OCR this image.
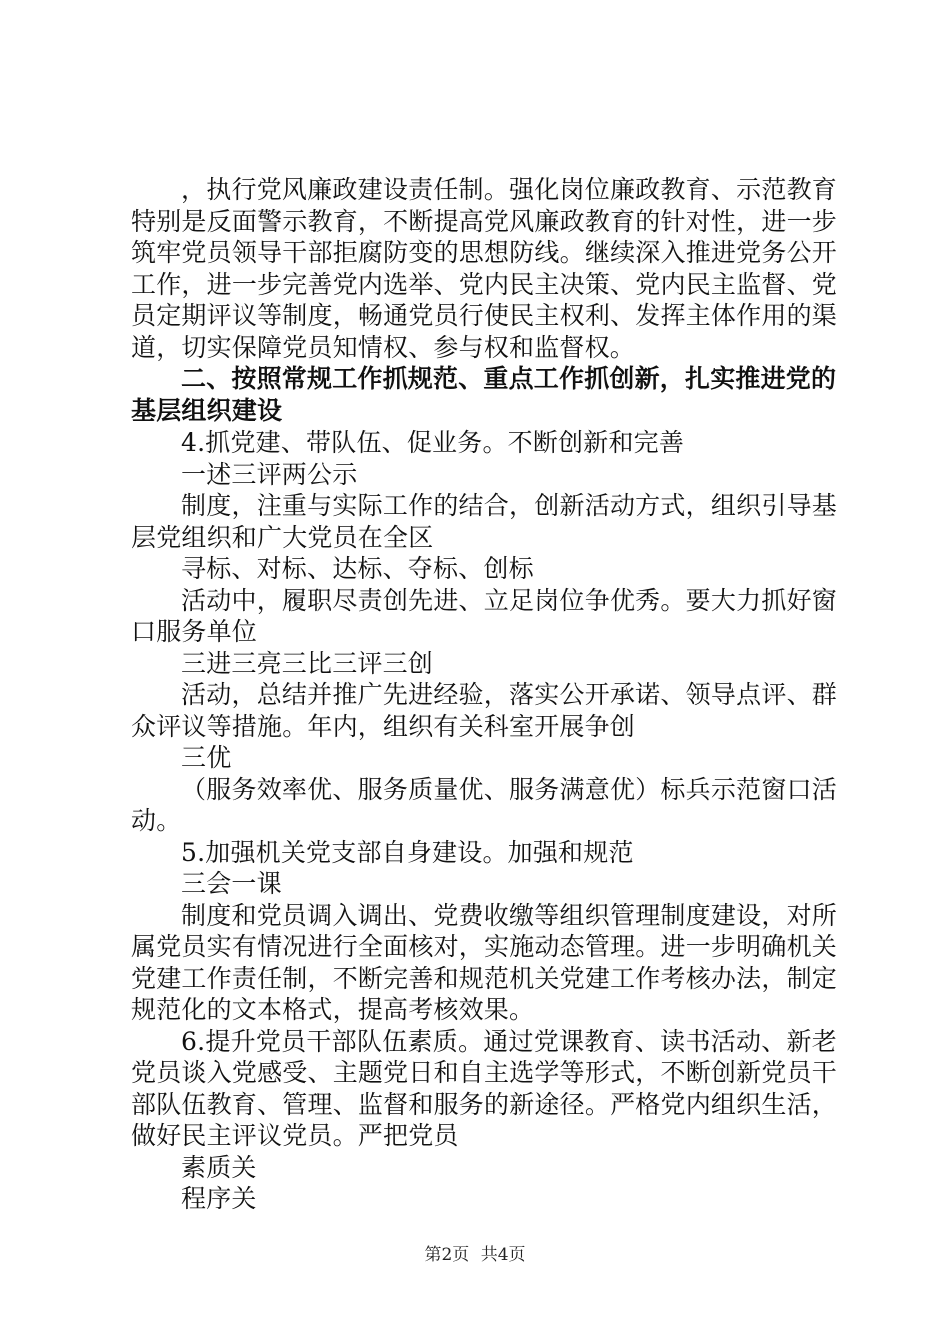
，执行党风廉政建设责任制。强化岗位廉政教育、示范教育特别是反面警示教育，不断提高党风廉政教育的针对性，进一步筑牢党员领导干部拒腐防变的思想防线。继续深入推进党务公开工作，进一步完善党内选举、党内民主决策、党内民主监督、党员定期评议等制度，畅通党员行使民主权利、发挥主体作用的渠道，切实保障党员知情权、参与权和监督权。

二、按照常规工作抓规范、重点工作抓创新，扎实推进党的基层组织建设

4.抓党建、带队伍、促业务。不断创新和完善

一述三评两公示

制度，注重与实际工作的结合，创新活动方式，组织引导基层党组织和广大党员在全区

寻标、对标、达标、夺标、创标

活动中，履职尽责创先进、立足岗位争优秀。要大力抓好窗口服务单位

三进三亮三比三评三创

活动，总结并推广先进经验，落实公开承诺、领导点评、群众评议等措施。年内，组织有关科室开展争创

三优

（服务效率优、服务质量优、服务满意优）标兵示范窗口活动。

5.加强机关党支部自身建设。加强和规范

三会一课

制度和党员调入调出、党费收缴等组织管理制度建设，对所属党员实有情况进行全面核对，实施动态管理。进一步明确机关党建工作责任制，不断完善和规范机关党建工作考核办法，制定规范化的文本格式，提高考核效果。

6.提升党员干部队伍素质。通过党课教育、读书活动、新老党员谈入党感受、主题党日和自主选学等形式，不断创新党员干部队伍教育、管理、监督和服务的新途径。严格党内组织生活，做好民主评议党员。严把党员

素质关

程序关

第2页 共4页
